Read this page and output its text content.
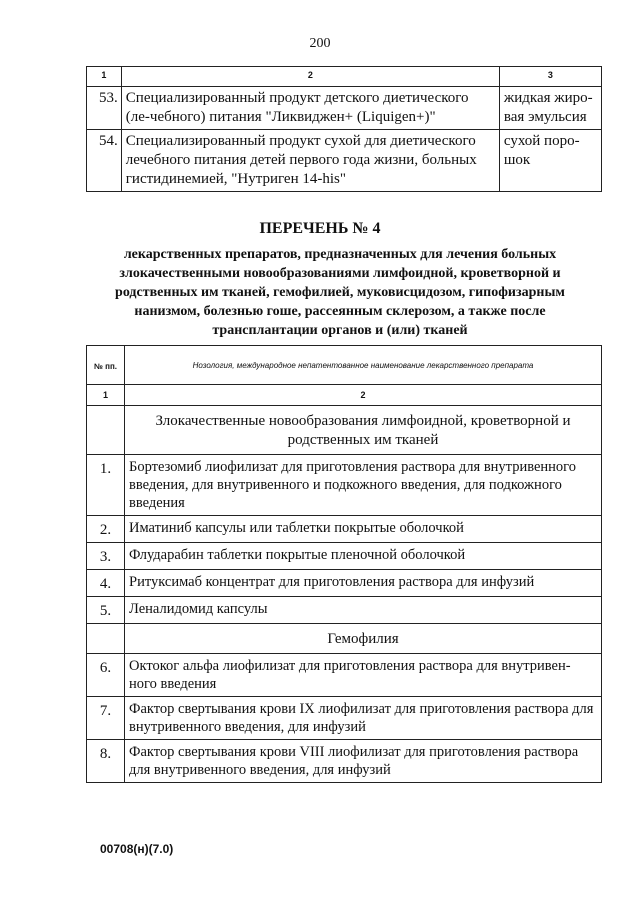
200
1	2	3
53.	Специализированный продукт детского диетического (ле-чебного) питания "Ликвиджен+ (Liquigen+)"	жидкая жиро-вая эмульсия
54.	Специализированный продукт сухой для диетического лечебного питания детей первого года жизни, больных гистидинемией, "Нутриген 14-his"	сухой поро-шок
ПЕРЕЧЕНЬ № 4
лекарственных препаратов, предназначенных для лечения больных злокачественными новообразованиями лимфоидной, кроветворной и родственных им тканей, гемофилией, муковисцидозом, гипофизарным нанизмом, болезнью гоше, рассеянным склерозом, а также после трансплантации органов и (или) тканей
№ пп.	Нозология, международное непатентованное наименование лекарственного препарата
1	2
	Злокачественные новообразования лимфоидной, кроветворной и родственных им тканей
1.	Бортезомиб лиофилизат для приготовления раствора для внутривенного введения, для внутривенного и подкожного введения, для подкожного введения
2.	Иматиниб капсулы или таблетки покрытые оболочкой
3.	Флударабин таблетки покрытые пленочной оболочкой
4.	Ритуксимаб концентрат для приготовления раствора для инфузий
5.	Леналидомид капсулы
	Гемофилия
6.	Октоког альфа лиофилизат для приготовления раствора для внутривен-ного введения
7.	Фактор свертывания крови IX лиофилизат для приготовления раствора для внутривенного введения, для инфузий
8.	Фактор свертывания крови VIII лиофилизат для приготовления раствора для внутривенного введения, для инфузий
00708(н)(7.0)
